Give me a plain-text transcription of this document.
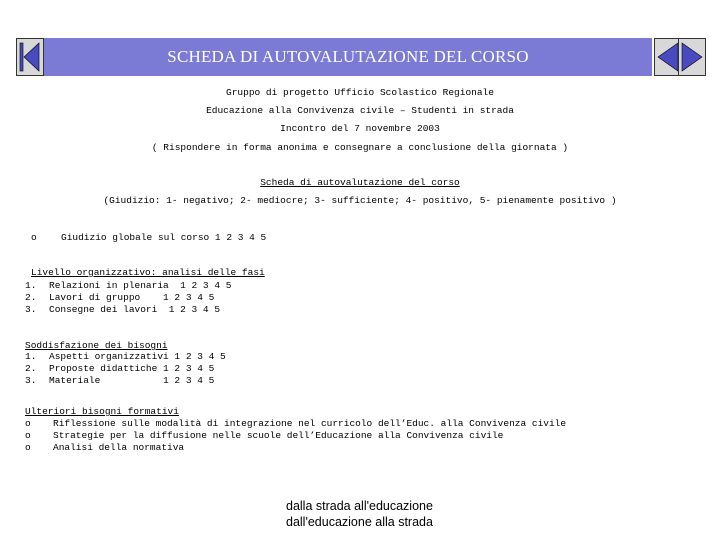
SCHEDA DI AUTOVALUTAZIONE DEL CORSO
Gruppo di progetto Ufficio Scolastico Regionale
Educazione alla Convivenza civile – Studenti in strada
Incontro del 7 novembre 2003
( Rispondere in forma anonima e consegnare a conclusione della giornata )
Scheda di autovalutazione del corso
(Giudizio: 1- negativo; 2- mediocre; 3- sufficiente; 4- positivo, 5- pienamente positivo )
o	Giudizio globale sul corso 1 2 3 4 5
Livello organizzativo: analisi delle fasi
1. Relazioni in plenaria  1 2 3 4 5
2. Lavori di gruppo    1 2 3 4 5
3. Consegne dei lavori  1 2 3 4 5
Soddisfazione dei bisogni
1. Aspetti organizzativi 1 2 3 4 5
2. Proposte didattiche 1 2 3 4 5
3. Materiale           1 2 3 4 5
Ulteriori bisogni formativi
o Riflessione sulle modalità di integrazione nel curricolo dell’Educ. alla Convivenza civile
o Strategie per la diffusione nelle scuole dell’Educazione alla Convivenza civile
o Analisi della normativa
dalla strada all'educazione
dall'educazione alla strada
